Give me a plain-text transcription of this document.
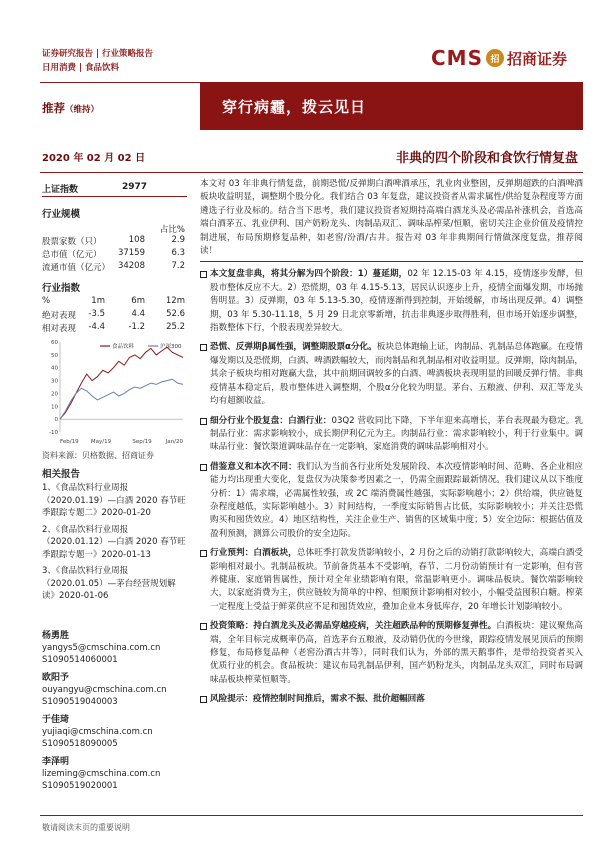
证券研究报告 | 行业策略报告
日用消费 | 食品饮料	CMS 招 招商证券
推荐（维持）	穿行病霾，拨云见日
2020 年 02 月 02 日	非典的四个阶段和食饮行情复盘
上证指数	2977
行业规模
占比%
股票家数（只）	108	2.9
总市值（亿元） 37159	6.3
流通市值（亿元） 34208	7.2
行业指数
%	1m	6m 12m
绝对表现 -3.5	4.4 52.6
相对表现 -4.4	-1.2 25.2
60
50
40
30
20
10
0
-10
Feb/19 May/19	Sep/19	Jan/20
食品饮料	沪深300
资料来源：贝格数据、招商证券
相关报告
1、《食品饮料行业周报（2020.01.19）—白酒 2020 春节旺季跟踪专题二》2020-01-20
2、《食品饮料行业周报（2020.01.12）—白酒 2020 春节旺季跟踪专题一》2020-01-13
3、《食品饮料行业周报（2020.01.05）—茅台经营规划解读》2020-01-06
杨勇胜
yangys5@cmschina.com.cn
S1090514060001
欧阳予
ouyangyu@cmschina.com.cn
S1090519040003
于佳琦
yujiaqi@cmschina.com.cn
S1090518090005
李泽明
lizeming@cmschina.com.cn
S1090519020001
本文对 03 年非典行情复盘，前期恐慌/反弹期白酒啤酒承压，乳业肉业整固，反弹期超跌的白酒啤酒板块收益明显，调整期个股分化。我们结合 03 年复盘，建议投资者从需求属性/供给复杂程度等方面遴选子行业及标的。结合当下思考，我们建议投资者短期持高端白酒龙头及必需品补涨机会，首选高端白酒茅五、乳业伊利、国产奶粉龙头、肉制品双汇、调味品榨菜/恒顺，密切关注企业价值及疫情控制进展，布局预期修复品种，如老窖/汾酒/古井。报告对 03 年非典期间行情做深度复盘，推荐阅读！
本文复盘非典，将其分解为四个阶段：1）蔓延期，02 年 12.15-03 年 4.15，疫情逐步发酵，但股市整体反应不大。2）恐慌期，03 年 4.15-5.13，居民认识逐步上升，疫情全面爆发期，市场抛售明显。3）反弹期，03 年 5.13-5.30，疫情逐渐得到控制，开始缓解，市场出现反弹。4）调整期，03 年 5.30-11.18，5 月 29 日北京零新增，抗击非典逐步取得胜利，但市场开始逐步调整，指数整体下行，个股表现差异较大。
恐慌、反弹期β属性强，调整期股票α分化。板块总体跑输上证，肉制品、乳制品总体跑赢。在疫情爆发期以及恐慌期，白酒、啤酒跌幅较大，而肉制品和乳制品相对收益明显。反弹期，除肉制品，其余子板块均相对跑赢大盘，其中前期回调较多的白酒、啤酒板块表现明显的回暖反弹行情。非典疫情基本稳定后，股市整体进入调整期，个股α分化较为明显。茅台、五粮液、伊利、双汇等龙头均有超额收益。
细分行业个股复盘：白酒行业：03Q2 营收同比下降，下半年迎来高增长，茅台表现最为稳定。乳制品行业：需求影响较小，成长期伊利亿元为主。肉制品行业：需求影响较小，利于行业集中。调味品行业：餐饮渠道调味品存在一定影响，家庭消费的调味品影响相对小。
借鉴意义和本次不同：我们认为当前各行业所处发展阶段、本次疫情影响时间、范畴、各企业相应能力均出现重大变化，复盘仅为决策参考因素之一，仍需全面跟踪最新情况。我们建议从以下维度分析：1）需求端，必需属性较强，或 2C 端消费属性越强，实际影响越小；2）供给端，供应链复杂程度越低，实际影响越小。3）时间结构，一季度实际销售占比低，实际影响较小；并关注恐慌购买和囤货效应。4）地区结构性，关注企业生产、销售的区域集中度；5）安全边际：根据估值及盈利预测，测算公司股价的安全边际。
行业预判：白酒板块，总体旺季打款发货影响较小，2 月份之后的动销打款影响较大，高端白酒受影响相对最小。乳制品板块。节前备货基本不受影响，春节、二月份动销预计有一定影响，但有营养健康、家庭销售属性，预计对全年业绩影响有限，常温影响更小。调味品板块。餐饮端影响较大，以家庭消费为主，供应链较为简单的中榨、恒顺预计影响相对较小，小幅受益囤积白糖。榨菜一定程度上受益于鲜菜供应不足和囤货效应，叠加企业本身低库存，20 年增长计划影响较小。
投资策略：持白酒龙头及必需品穿越疫病，关注超跌品种的预期修复弹性。白酒板块：建议聚焦高端，全年目标完成概率仍高，首选茅台五粮液，及动销仍优的今世缘，跟踪疫情发展见顶后的预期修复，布局修复品种（老窖汾酒古井等），同时我们认为，外部的黑天鹅事件，是带给投资者买入优质行业的机会。食品板块：建议布局乳制品伊利，国产奶粉龙头，肉制品龙头双汇，同时布局调味品板块榨菜恒顺等。
风险提示：疫情控制时间推后，需求不振、批价超幅回落
敬请阅读末页的重要说明
